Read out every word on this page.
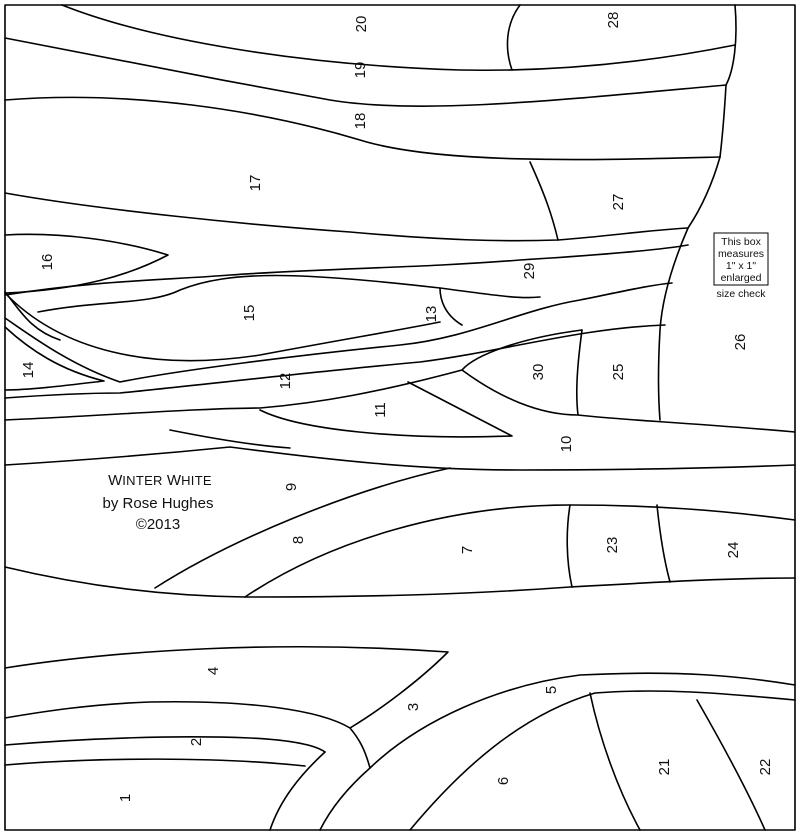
1
2
3
4
5
6
7
8
9
10
11
12
13
14
15
16
17
18
19
20
21	22
23	24
25
26
27
28
29
30
WINTER WHITE
by Rose Hughes
©2013
This box
measures
1" x 1"
enlarged
size check
